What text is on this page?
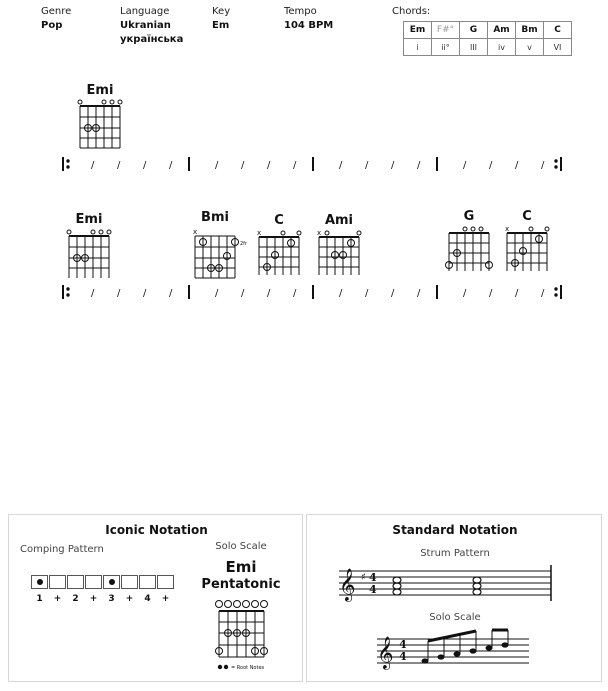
Genre
Pop
Language
Ukranian
українська
Key
Em
Tempo
104 BPM
Chords:
Em	F#°	G	Am	Bm	C
i	ii°	III	iv	v	VI
Emi
Emi	Bmi	C	Ami	G	C
x	x	x	x
2fr
/ / / /	/ / / /	/ / / /	/ / / /
/ / / /	/ / / /	/ / / /	/ / / /
Iconic Notation
Comping Pattern
1	+	2	+	3	+	4	+
Solo Scale
Emi
Pentatonic
= Root Notes
Standard Notation
Strum Pattern
𝄞 ♯ 4
4
Solo Scale
𝄞 4
4
